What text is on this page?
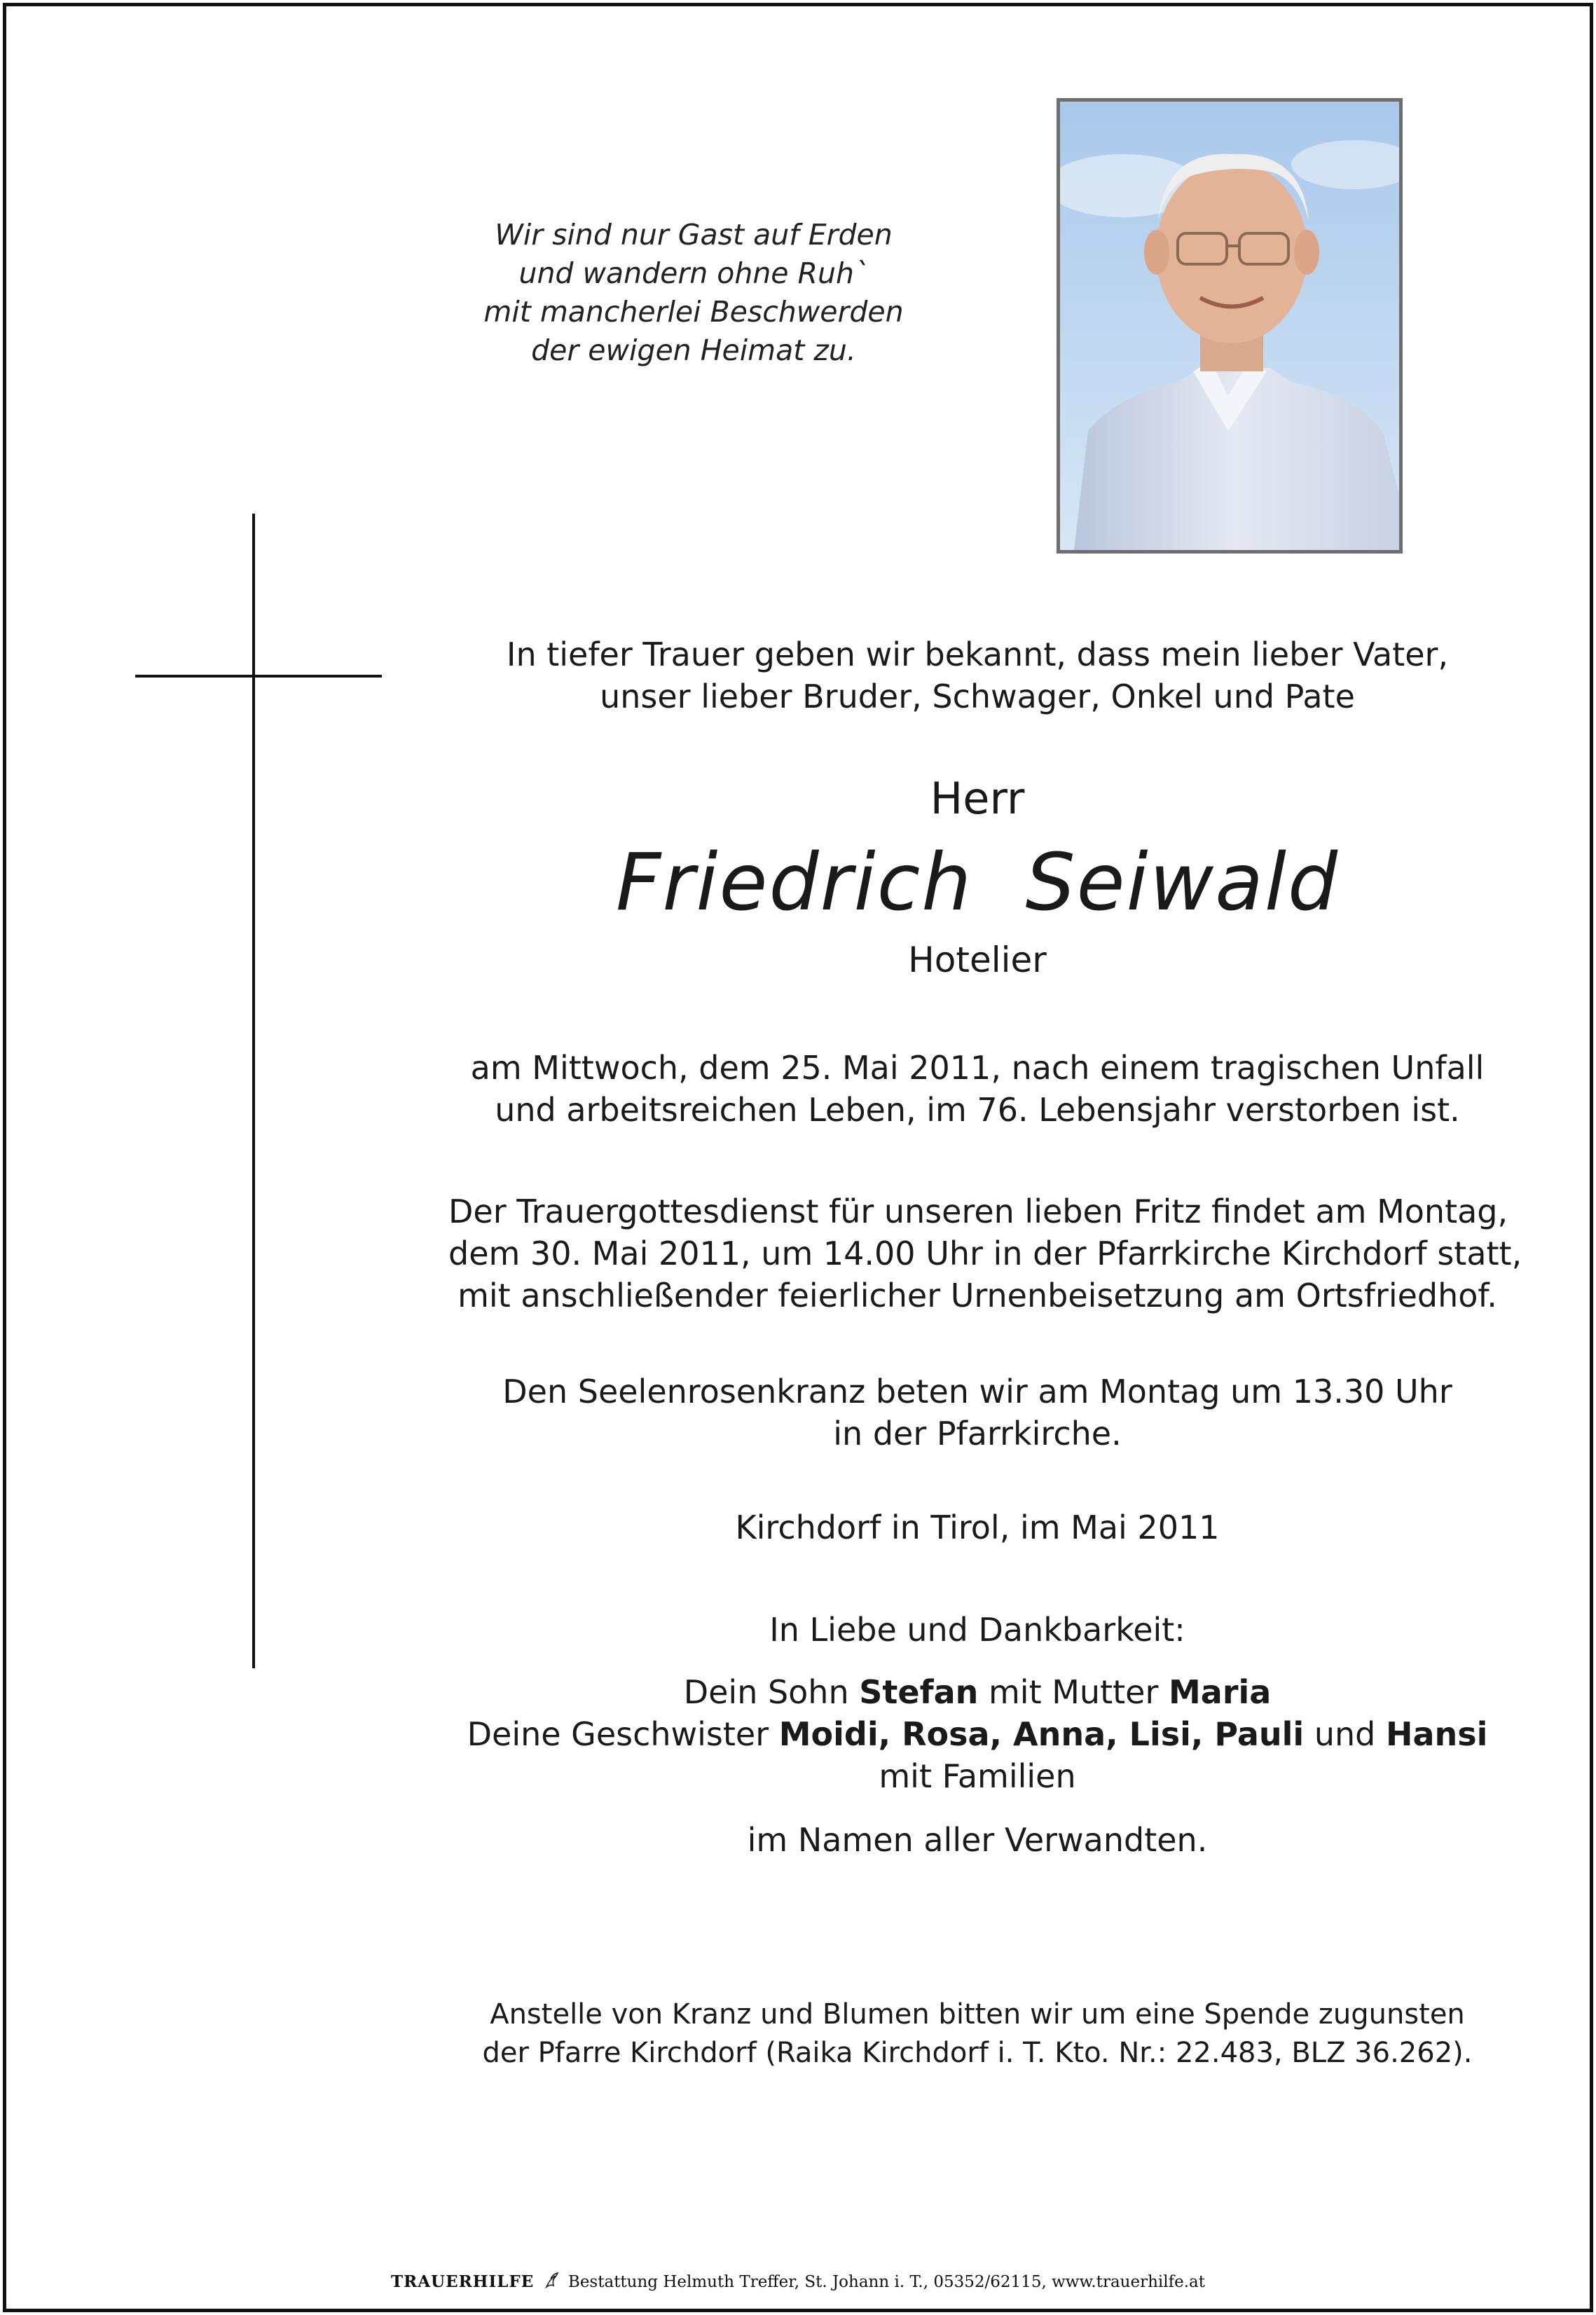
Wir sind nur Gast auf Erden
und wandern ohne Ruh`
mit mancherlei Beschwerden
der ewigen Heimat zu.
In tiefer Trauer geben wir bekannt, dass mein lieber Vater,
unser lieber Bruder, Schwager, Onkel und Pate
Herr
Friedrich  Seiwald
Hotelier
am Mittwoch, dem 25. Mai 2011, nach einem tragischen Unfall
und arbeitsreichen Leben, im 76. Lebensjahr verstorben ist.
Der Trauergottesdienst für unseren lieben Fritz findet am Montag,
dem 30. Mai 2011, um 14.00 Uhr in der Pfarrkirche Kirchdorf statt,
mit anschließender feierlicher Urnenbeisetzung am Ortsfriedhof.
Den Seelenrosenkranz beten wir am Montag um 13.30 Uhr
in der Pfarrkirche.
Kirchdorf in Tirol, im Mai 2011
In Liebe und Dankbarkeit:
Dein Sohn Stefan mit Mutter Maria
Deine Geschwister Moidi, Rosa, Anna, Lisi, Pauli und Hansi
mit Familien
im Namen aller Verwandten.
Anstelle von Kranz und Blumen bitten wir um eine Spende zugunsten
der Pfarre Kirchdorf (Raika Kirchdorf i. T. Kto. Nr.: 22.483, BLZ 36.262).
TRAUERHILFE Bestattung Helmuth Treffer, St. Johann i. T., 05352/62115, www.trauerhilfe.at
